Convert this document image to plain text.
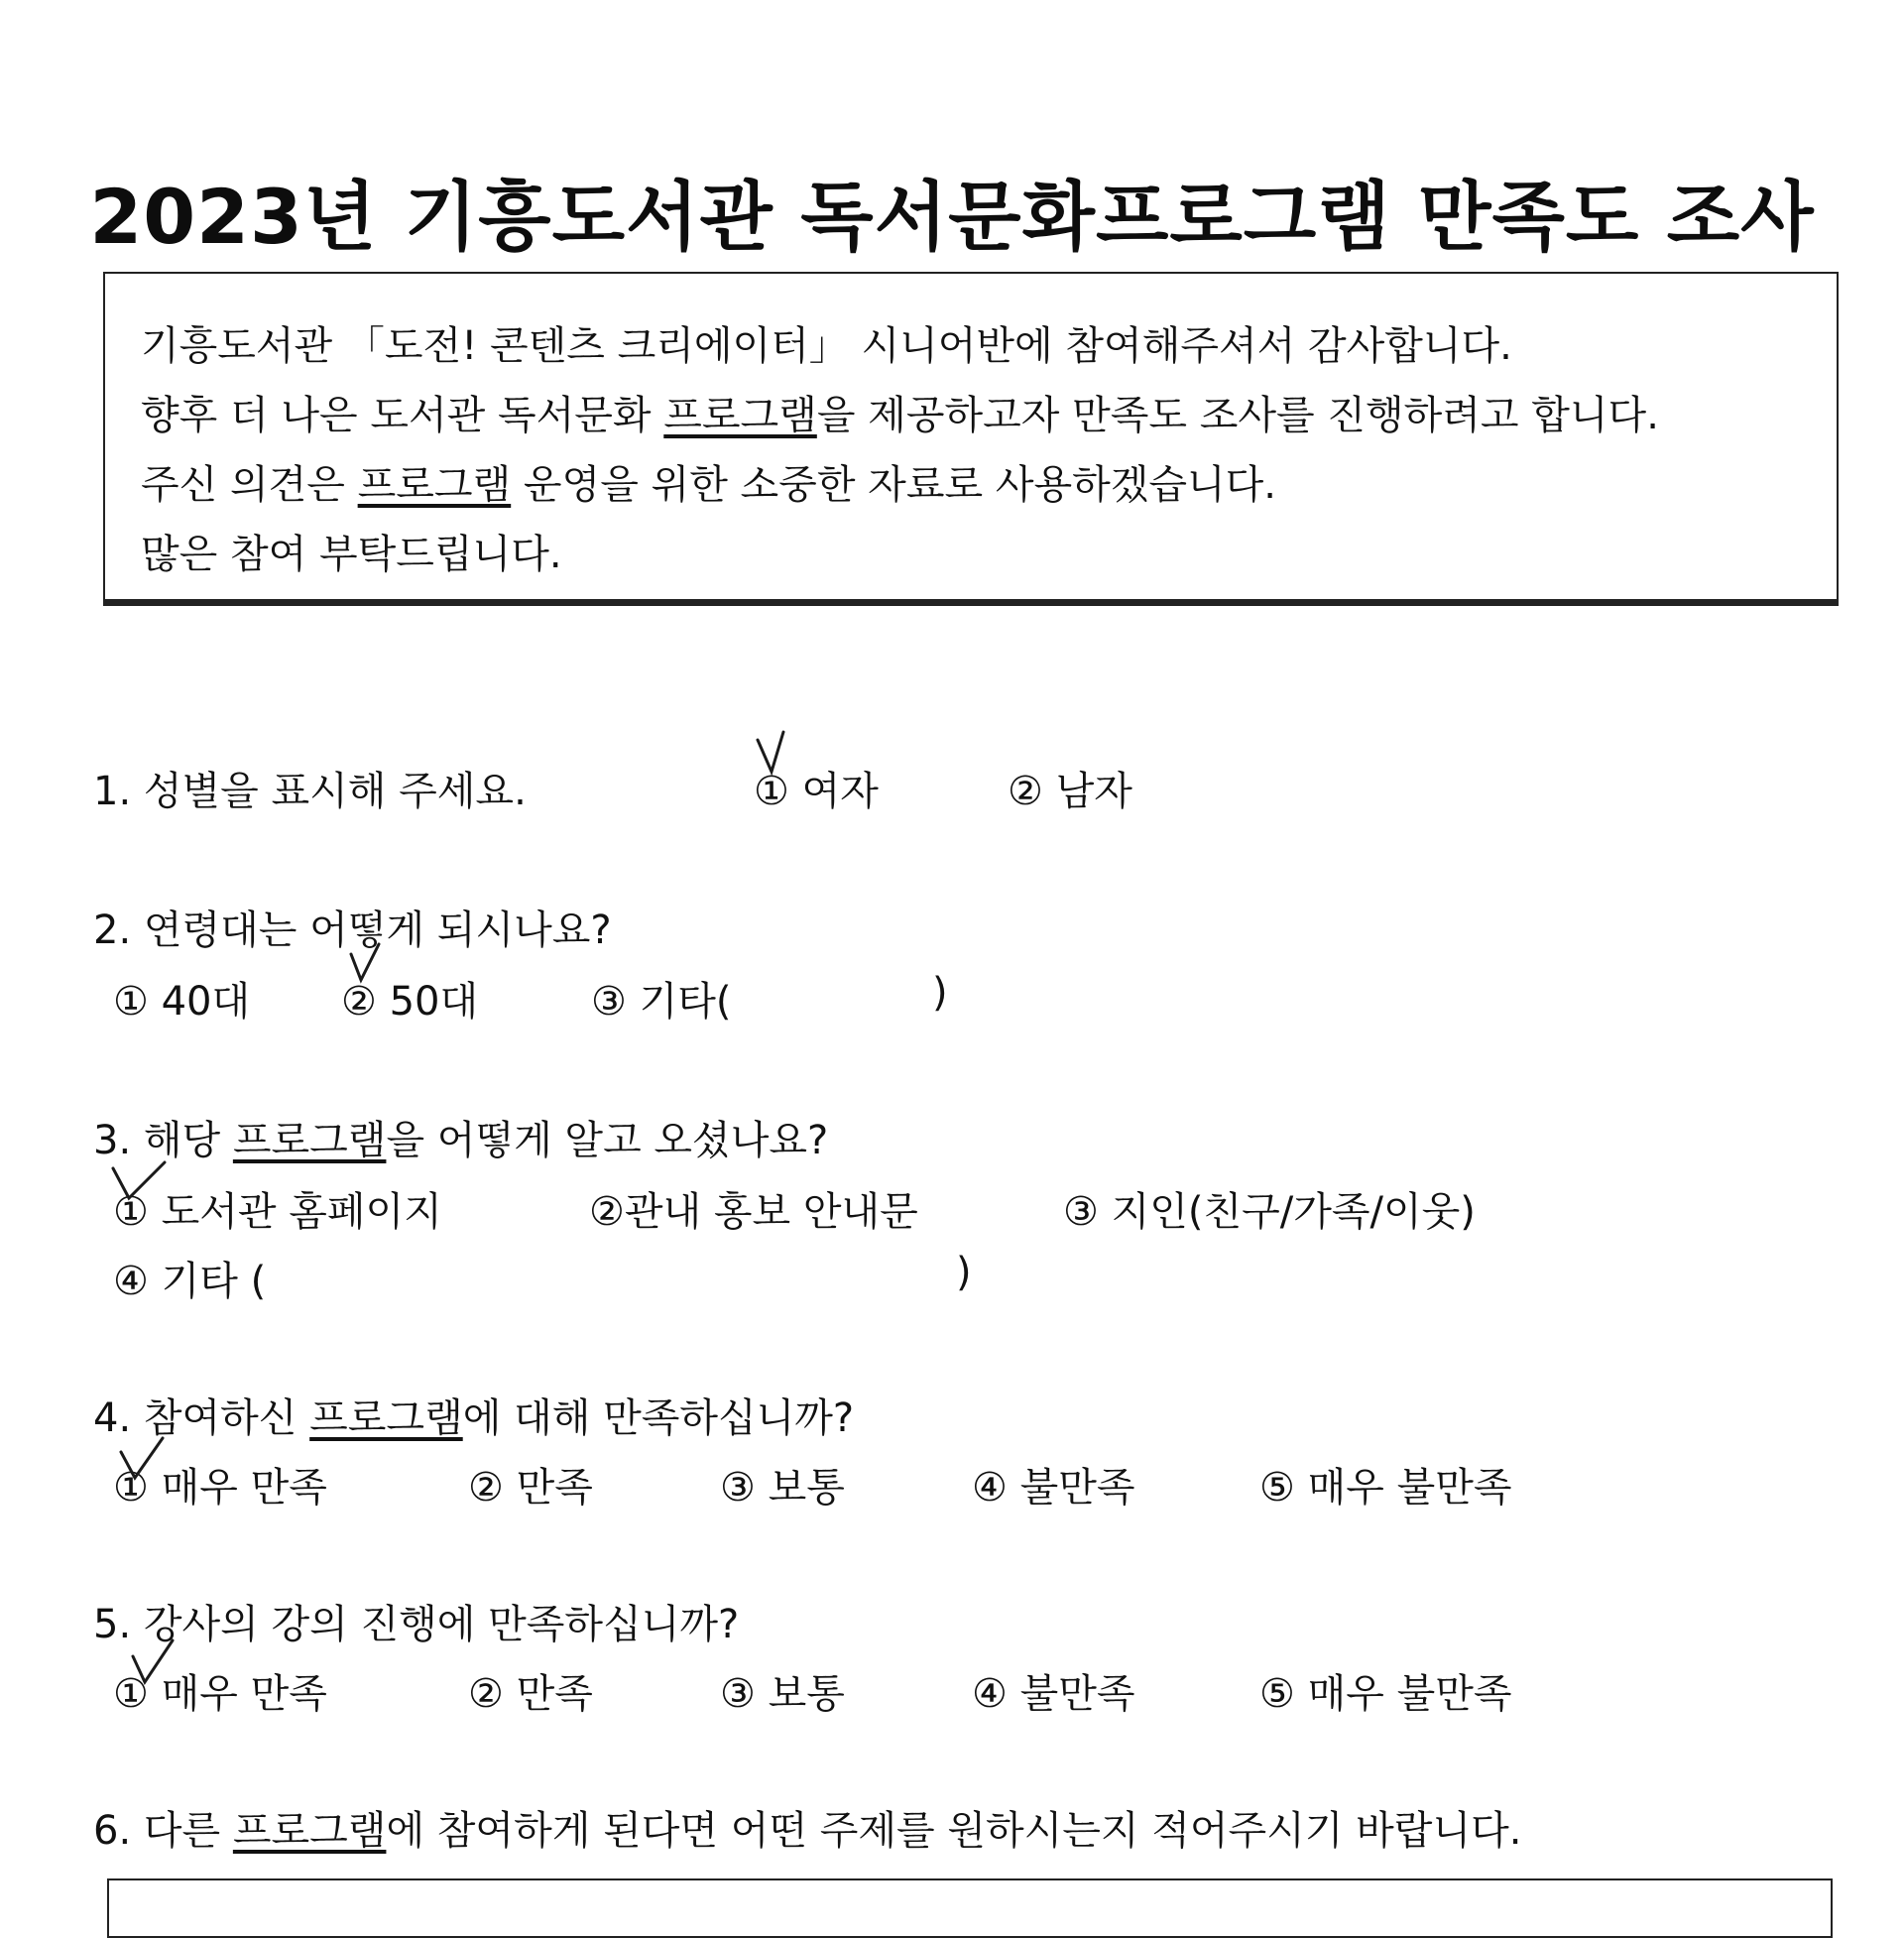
2023년 기흥도서관 독서문화프로그램 만족도 조사
기흥도서관 「도전! 콘텐츠 크리에이터」 시니어반에 참여해주셔서 감사합니다.
향후 더 나은 도서관 독서문화 프로그램을 제공하고자 만족도 조사를 진행하려고 합니다.
주신 의견은 프로그램 운영을 위한 소중한 자료로 사용하겠습니다.
많은 참여 부탁드립니다.
1. 성별을 표시해 주세요.	① 여자	② 남자
2. 연령대는 어떻게 되시나요?
① 40대 ② 50대	③ 기타(	)
3. 해당 프로그램을 어떻게 알고 오셨나요?
① 도서관 홈페이지	②관내 홍보 안내문	③ 지인(친구/가족/이웃)
④ 기타 (	)
4. 참여하신 프로그램에 대해 만족하십니까?
① 매우 만족	② 만족	③ 보통	④ 불만족	⑤ 매우 불만족
5. 강사의 강의 진행에 만족하십니까?
① 매우 만족	② 만족	③ 보통	④ 불만족	⑤ 매우 불만족
6. 다른 프로그램에 참여하게 된다면 어떤 주제를 원하시는지 적어주시기 바랍니다.
